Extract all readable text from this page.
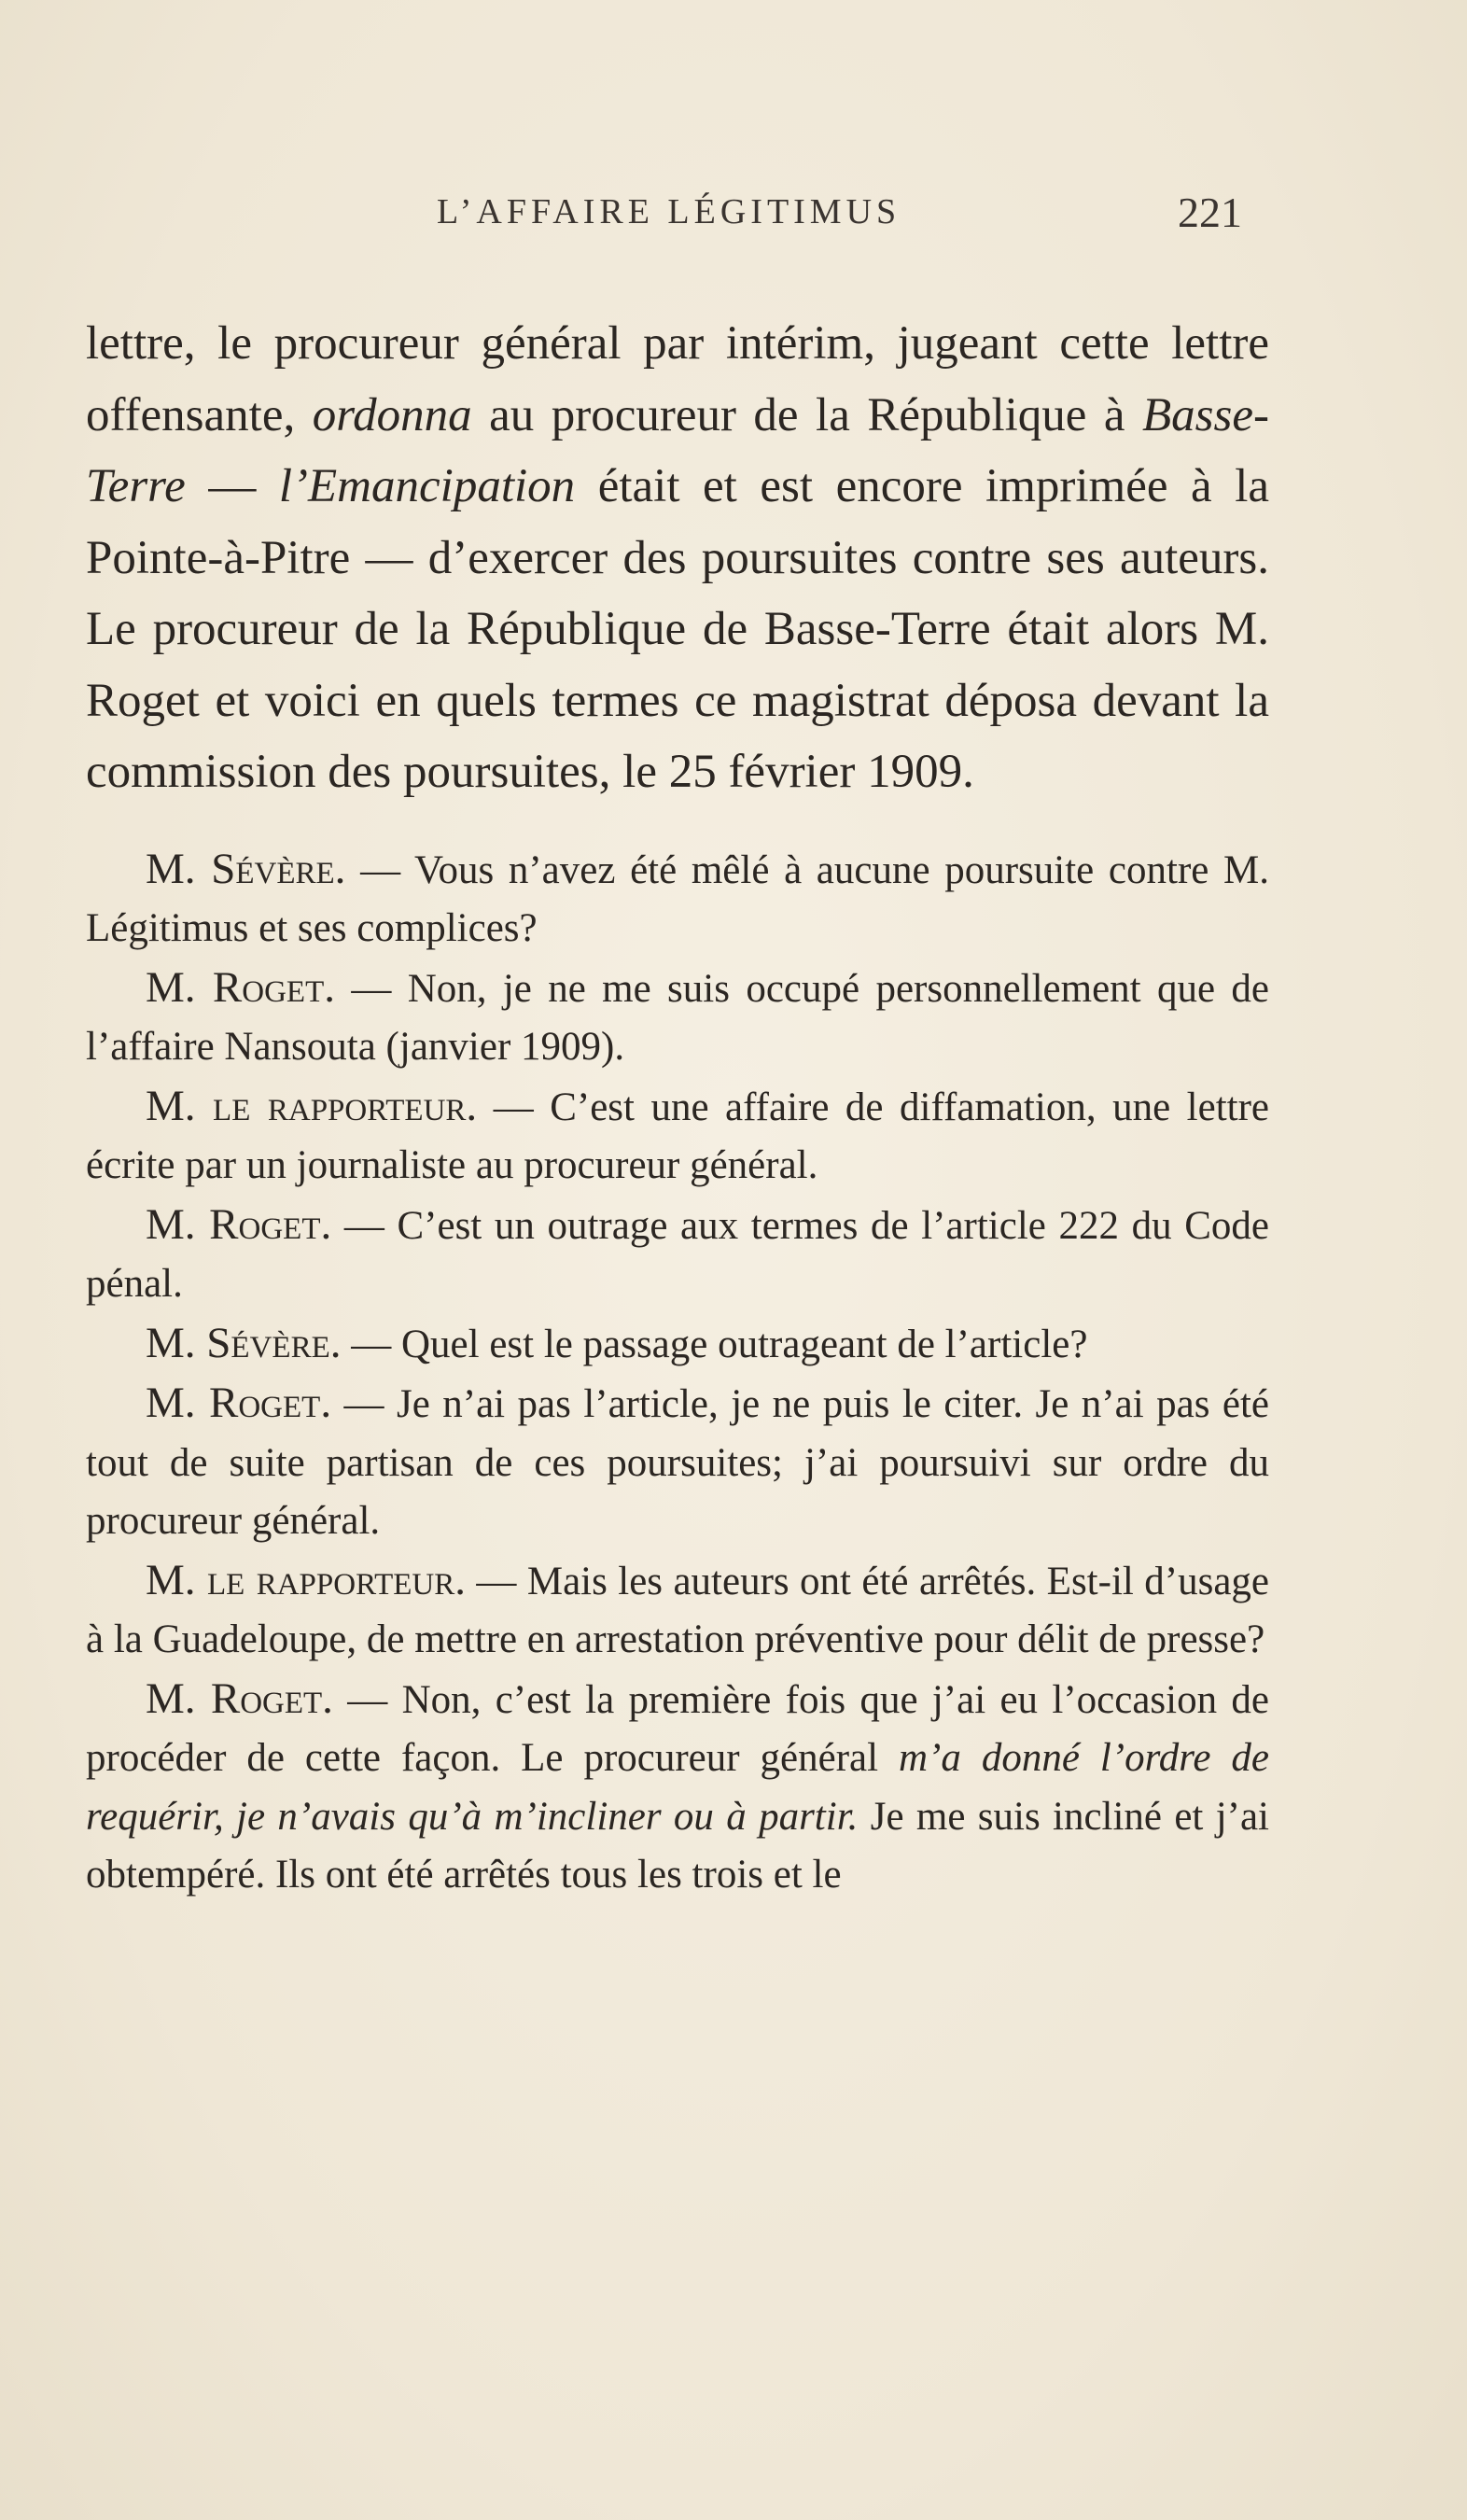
L’AFFAIRE LÉGITIMUS	221

lettre, le procureur général par intérim, jugeant cette lettre offensante, ordonna au procureur de la République à Basse-Terre — l’Emancipation était et est encore imprimée à la Pointe-à-Pitre — d’exercer des poursuites contre ses auteurs. Le procureur de la République de Basse-Terre était alors M. Roget et voici en quels termes ce magistrat déposa devant la commission des poursuites, le 25 février 1909.

M. Sévère. — Vous n’avez été mêlé à aucune poursuite contre M. Légitimus et ses complices?

M. Roget. — Non, je ne me suis occupé personnellement que de l’affaire Nansouta (janvier 1909).

M. le rapporteur. — C’est une affaire de diffamation, une lettre écrite par un journaliste au procureur général.

M. Roget. — C’est un outrage aux termes de l’article 222 du Code pénal.

M. Sévère. — Quel est le passage outrageant de l’article?

M. Roget. — Je n’ai pas l’article, je ne puis le citer. Je n’ai pas été tout de suite partisan de ces poursuites; j’ai poursuivi sur ordre du procureur général.

M. le rapporteur. — Mais les auteurs ont été arrêtés. Est-il d’usage à la Guadeloupe, de mettre en arrestation préventive pour délit de presse?

M. Roget. — Non, c’est la première fois que j’ai eu l’occasion de procéder de cette façon. Le procureur général m’a donné l’ordre de requérir, je n’avais qu’à m’incliner ou à partir. Je me suis incliné et j’ai obtempéré. Ils ont été arrêtés tous les trois et le
